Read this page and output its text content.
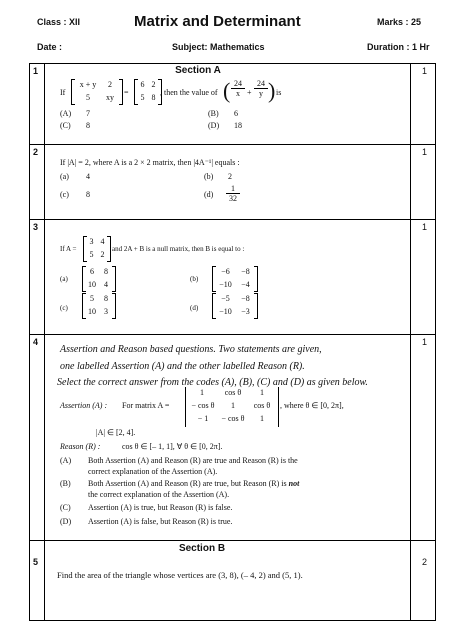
Class : XII	Matrix and Determinant	Marks : 25
Date :	Subject: Mathematics	Duration : 1 Hr
Section A
1	1
If
x + y	2
5	xy
=
6 2
5 8
, then the value of ( $\frac{24}{x} + \frac{24}{y}$ ) is
(A) 7	(B) 6
(C) 8	(D) 18
2	1
If |A| = 2, where A is a 2 × 2 matrix, then |4A⁻¹| equals :
(a) 4	(b) 2
(c) 8	$(d) \frac{1}{32}$
3	1
If A =
3 4
5 2
and 2A + B is a null matrix, then B is equal to :
(a)
6	8
10	4
(b)
−6	−8
−10	−4
(c)
5	8
10	3	(d)
−5	−8
−10	−3
4	1
Assertion and Reason based questions. Two statements are given,
one labelled Assertion (A) and the other labelled Reason (R).
Select the correct answer from the codes (A), (B), (C) and (D) as given below.
Assertion (A) : For matrix A =
1	cos θ	1
− cos θ	1	cos θ
− 1	− cos θ	1
, where θ ∈ [0, 2π],
|A| ∈ [2, 4].
Reason (R) :	cos θ ∈ [– 1, 1], ∀ θ ∈ [0, 2π].
(A) Both Assertion (A) and Reason (R) are true and Reason (R) is the
correct explanation of the Assertion (A).
(B) Both Assertion (A) and Reason (R) are true, but Reason (R) is not
the correct explanation of the Assertion (A).
(C) Assertion (A) is true, but Reason (R) is false.
(D) Assertion (A) is false, but Reason (R) is true.
Section B
5	2
Find the area of the triangle whose vertices are (3, 8), (– 4, 2) and (5, 1).
